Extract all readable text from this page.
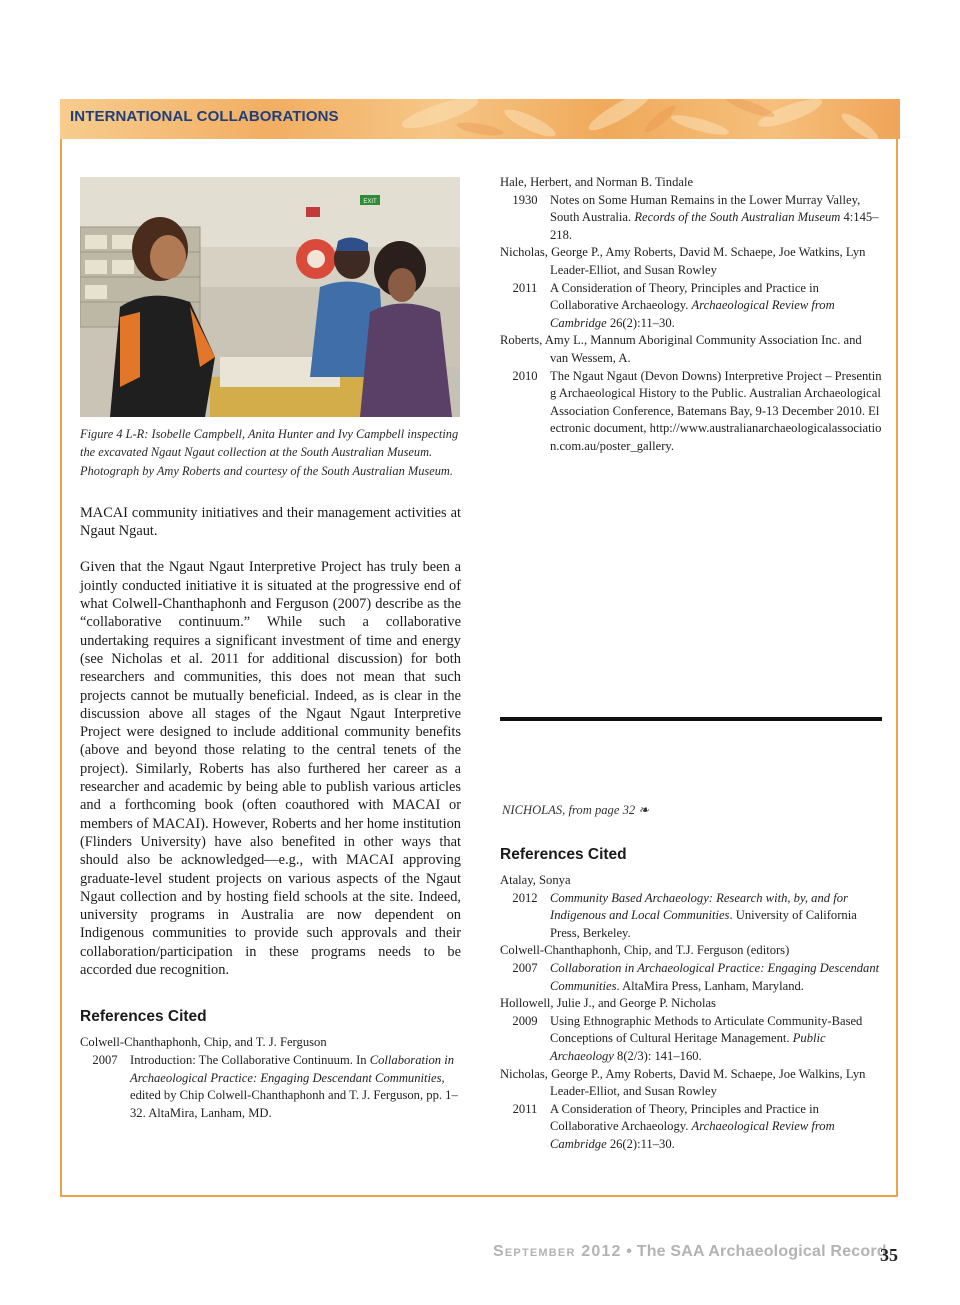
INTERNATIONAL COLLABORATIONS
EXIT
Figure 4 L-R: Isobelle Campbell, Anita Hunter and Ivy Campbell inspecting the excavated Ngaut Ngaut collection at the South Australian Museum. Photograph by Amy Roberts and courtesy of the South Australian Museum.
MACAI community initiatives and their management activities at Ngaut Ngaut.
Given that the Ngaut Ngaut Interpretive Project has truly been a jointly conducted initiative it is situated at the progressive end of what Colwell-Chanthaphonh and Ferguson (2007) describe as the “collaborative continuum.” While such a collaborative undertaking requires a significant investment of time and energy (see Nicholas et al. 2011 for additional discussion) for both researchers and communities, this does not mean that such projects cannot be mutually beneficial. Indeed, as is clear in the discussion above all stages of the Ngaut Ngaut Interpretive Project were designed to include additional community benefits (above and beyond those relating to the central tenets of the project). Similarly, Roberts has also furthered her career as a researcher and academic by being able to publish various articles and a forthcoming book (often coauthored with MACAI or members of MACAI). However, Roberts and her home institution (Flinders University) have also benefited in other ways that should also be acknowledged—e.g., with MACAI approving graduate-level student projects on various aspects of the Ngaut Ngaut collection and by hosting field schools at the site. Indeed, university programs in Australia are now dependent on Indigenous communities to provide such approvals and their collaboration/participation in these programs needs to be accorded due recognition.
References Cited
Colwell-Chanthaphonh, Chip, and T. J. Ferguson
2007 Introduction: The Collaborative Continuum. In Collaboration in Archaeological Practice: Engaging Descendant Communities, edited by Chip Colwell-Chanthaphonh and T. J. Ferguson, pp. 1–32. AltaMira, Lanham, MD.
Hale, Herbert, and Norman B. Tindale
1930 Notes on Some Human Remains in the Lower Murray Valley, South Australia. Records of the South Australian Museum 4:145–218.
Nicholas, George P., Amy Roberts, David M. Schaepe, Joe Watkins, Lyn Leader-Elliot, and Susan Rowley
2011	A Consideration of Theory, Principles and Practice in Collaborative Archaeology. Archaeological Review from Cambridge 26(2):11–30.
Roberts, Amy L., Mannum Aboriginal Community Association Inc. and van Wessem, A.
2010 The Ngaut Ngaut (Devon Downs) Interpretive Project – Presenting Archaeological History to the Public. Australian Archaeological Association Conference, Batemans Bay, 9-13 December 2010. Electronic document, http://www.australianarchaeologicalassociation.com.au/poster_gallery.
NICHOLAS, from page 32 ❧
References Cited
Atalay, Sonya
2012 Community Based Archaeology: Research with, by, and for Indigenous and Local Communities. University of California Press, Berkeley.
Colwell-Chanthaphonh, Chip, and T.J. Ferguson (editors)
2007 Collaboration in Archaeological Practice: Engaging Descendant Communities. AltaMira Press, Lanham, Maryland.
Hollowell, Julie J., and George P. Nicholas
2009 Using Ethnographic Methods to Articulate Community-Based Conceptions of Cultural Heritage Management. Public Archaeology 8(2/3): 141–160.
Nicholas, George P., Amy Roberts, David M. Schaepe, Joe Walkins, Lyn Leader-Elliot, and Susan Rowley
2011	A Consideration of Theory, Principles and Practice in Collaborative Archaeology. Archaeological Review from Cambridge 26(2):11–30.
September 2012 • The SAA Archaeological Record
35
